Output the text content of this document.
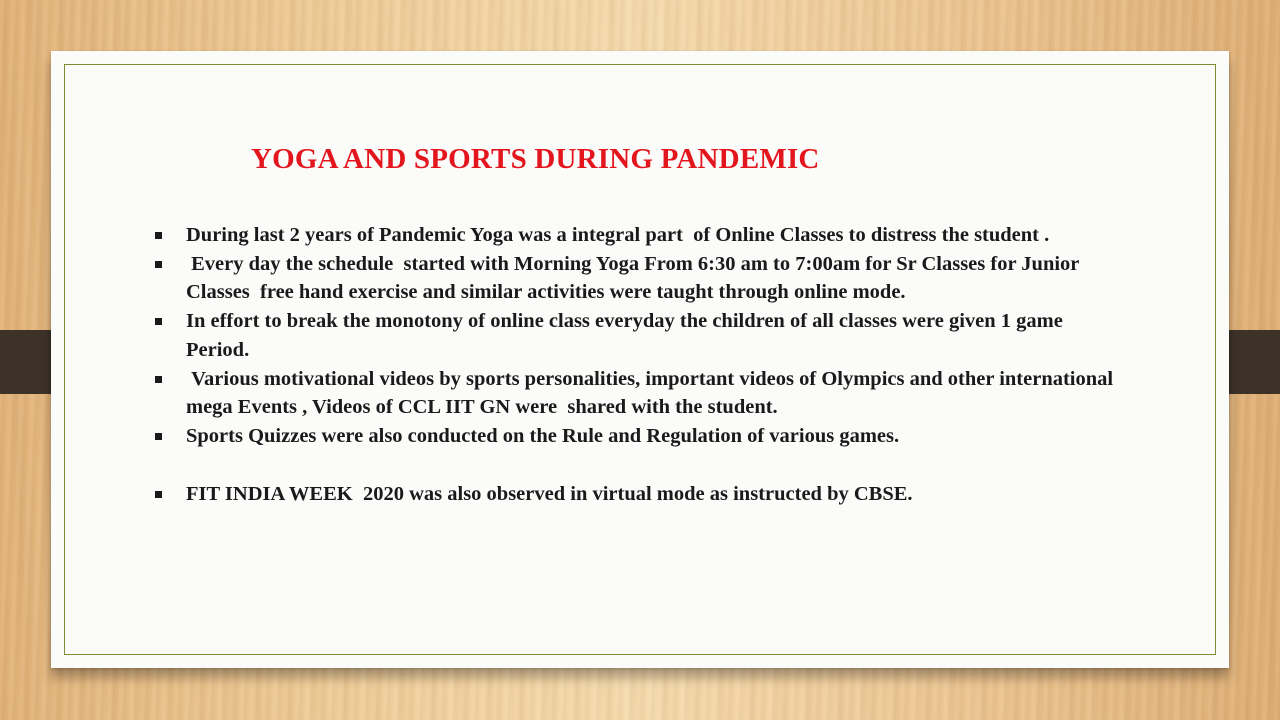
YOGA AND SPORTS DURING PANDEMIC
During last 2 years of Pandemic Yoga was a integral part  of Online Classes to distress the student .
Every day the schedule  started with Morning Yoga From 6:30 am to 7:00am for Sr Classes for Junior Classes  free hand exercise and similar activities were taught through online mode.
In effort to break the monotony of online class everyday the children of all classes were given 1 game Period.
Various motivational videos by sports personalities, important videos of Olympics and other international mega Events , Videos of CCL IIT GN were  shared with the student.
Sports Quizzes were also conducted on the Rule and Regulation of various games.
FIT INDIA WEEK  2020 was also observed in virtual mode as instructed by CBSE.
